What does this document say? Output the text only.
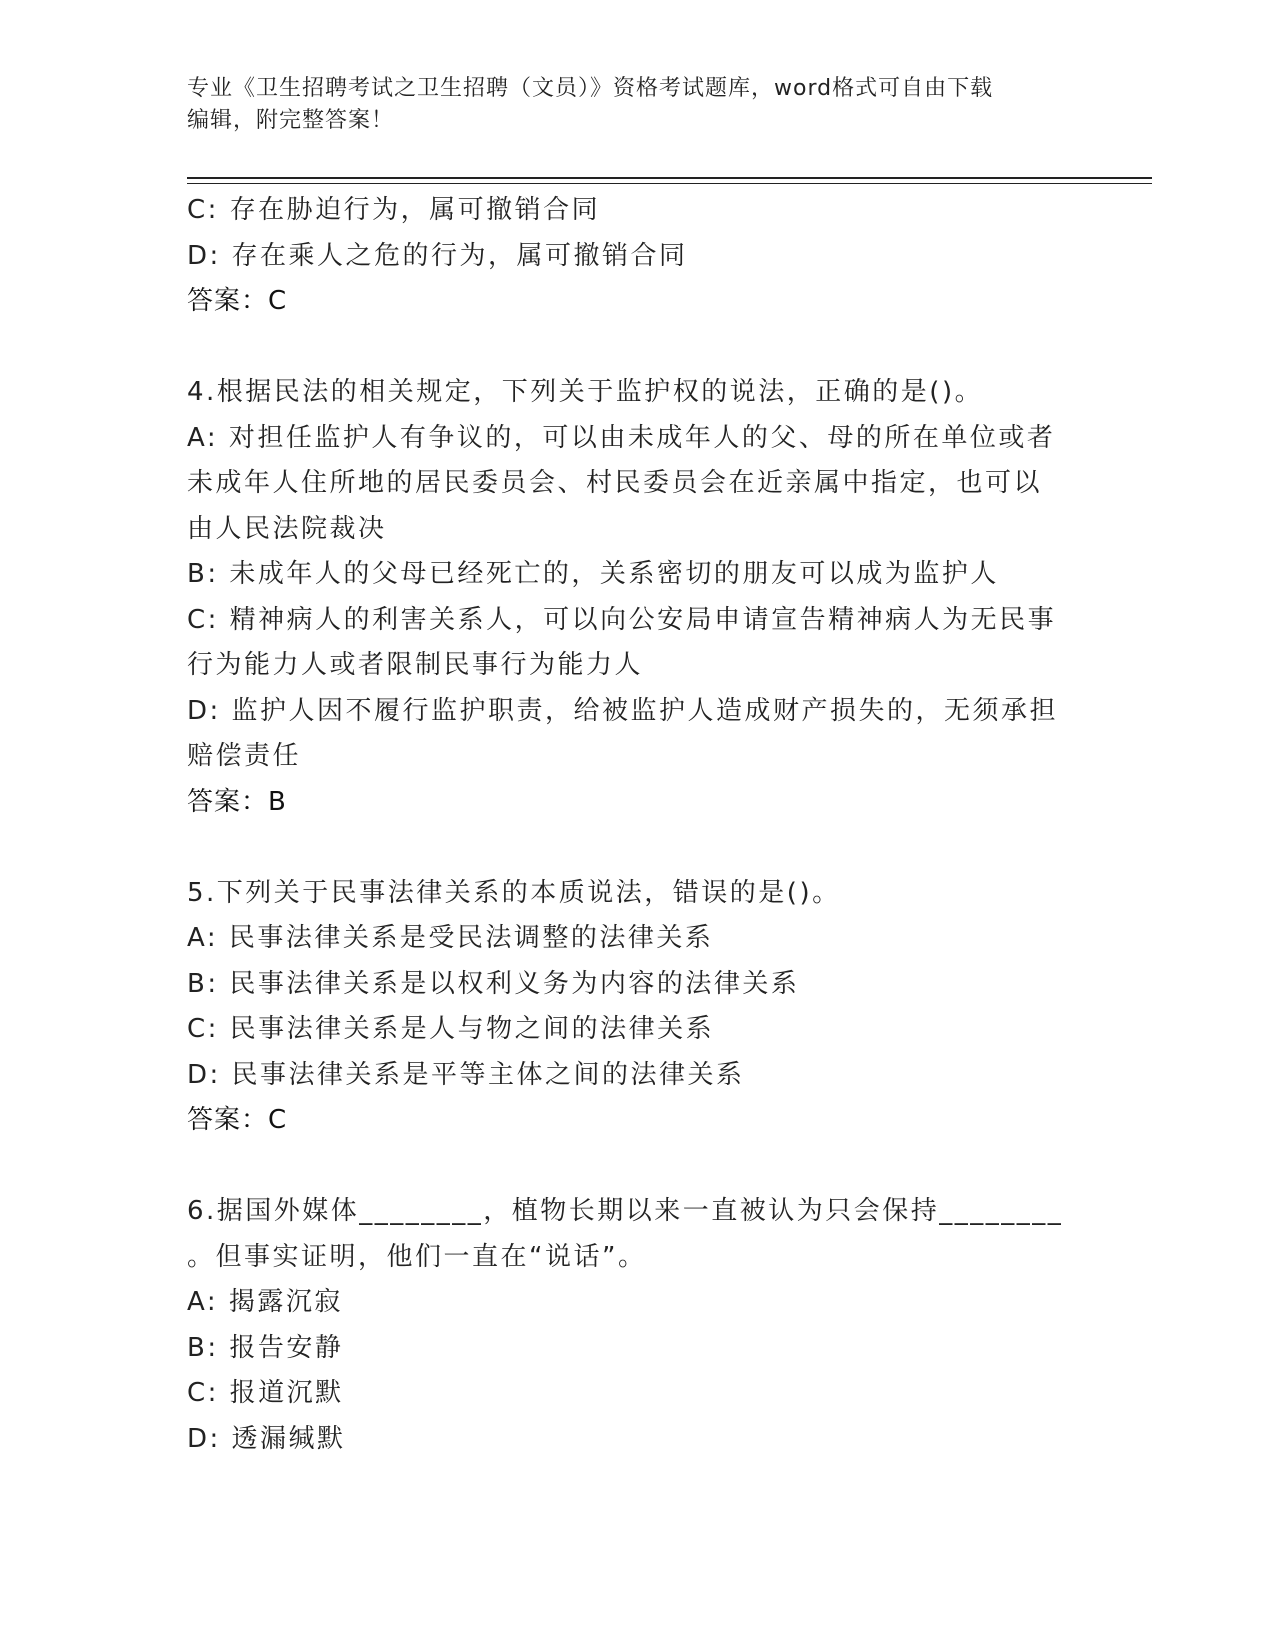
专业《卫生招聘考试之卫生招聘（文员）》资格考试题库，word格式可自由下载
编辑，附完整答案！

C: 存在胁迫行为，属可撤销合同

D: 存在乘人之危的行为，属可撤销合同

答案：C

4.根据民法的相关规定，下列关于监护权的说法，正确的是()。

A: 对担任监护人有争议的，可以由未成年人的父、母的所在单位或者

未成年人住所地的居民委员会、村民委员会在近亲属中指定，也可以

由人民法院裁决

B: 未成年人的父母已经死亡的，关系密切的朋友可以成为监护人

C: 精神病人的利害关系人，可以向公安局申请宣告精神病人为无民事

行为能力人或者限制民事行为能力人

D: 监护人因不履行监护职责，给被监护人造成财产损失的，无须承担

赔偿责任

答案：B

5.下列关于民事法律关系的本质说法，错误的是()。

A: 民事法律关系是受民法调整的法律关系

B: 民事法律关系是以权利义务为内容的法律关系

C: 民事法律关系是人与物之间的法律关系

D: 民事法律关系是平等主体之间的法律关系

答案：C

6.据国外媒体________，植物长期以来一直被认为只会保持________

。但事实证明，他们一直在“说话”。

A: 揭露沉寂

B: 报告安静

C: 报道沉默

D: 透漏缄默
